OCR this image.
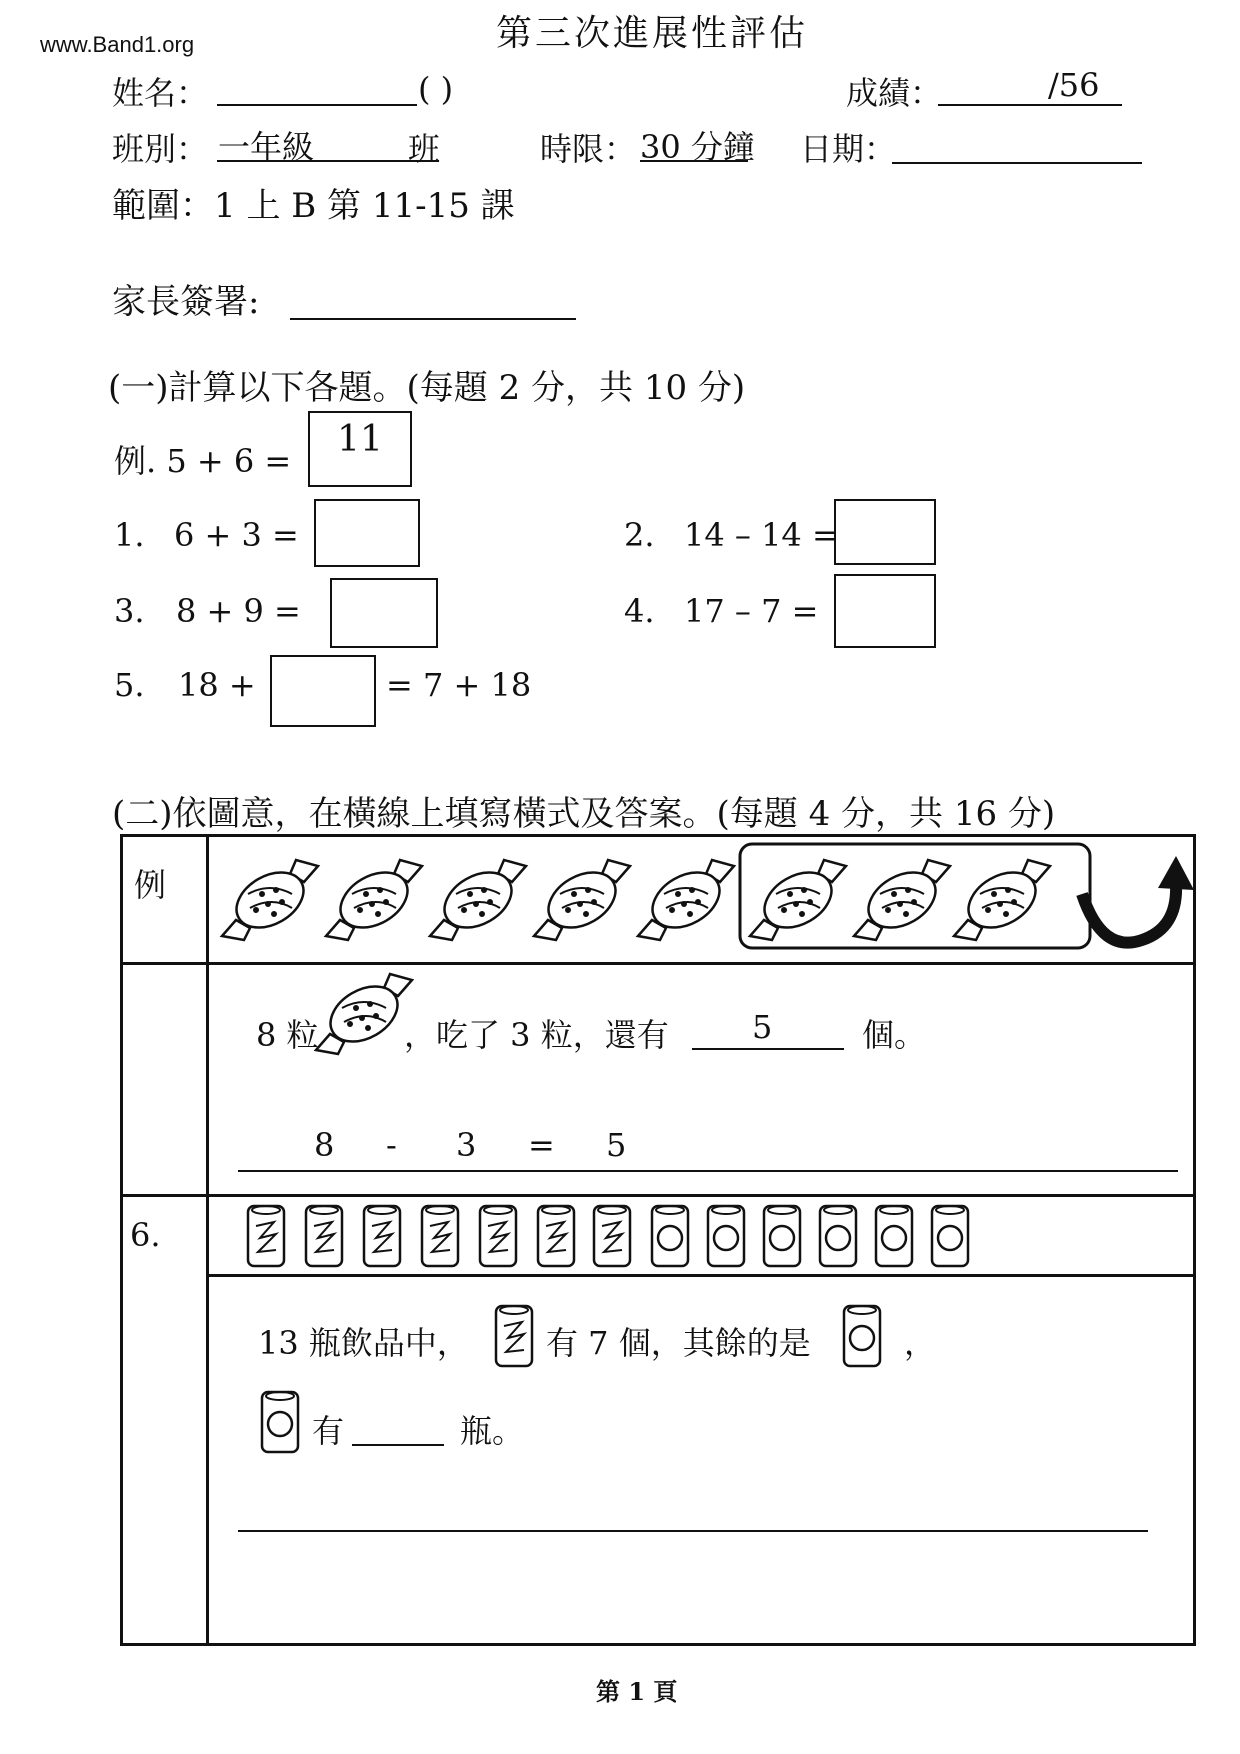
www.Band1.org	第三次進展性評估
姓名：	( )	成績：	/56
班別： 一年級	班	時限： 30 分鐘 日期：
範圍：1 上 B 第 11-15 課
家長簽署:
(一)計算以下各題。(每題 2 分，共 10 分)
例. 5 + 6 =
11
1. 6 + 3 =	2. 14 – 14 =
3. 8 + 9 =	4. 17 – 7 =
5. 18 +	= 7 + 18
(二)依圖意，在橫線上填寫橫式及答案。(每題 4 分，共 16 分)
例
8 粒	，吃了 3 粒，還有	5	個。
8 - 3 = 5
6.
13 瓶飲品中， 有 7 個，其餘的是	，
有	瓶。
第 1 頁
